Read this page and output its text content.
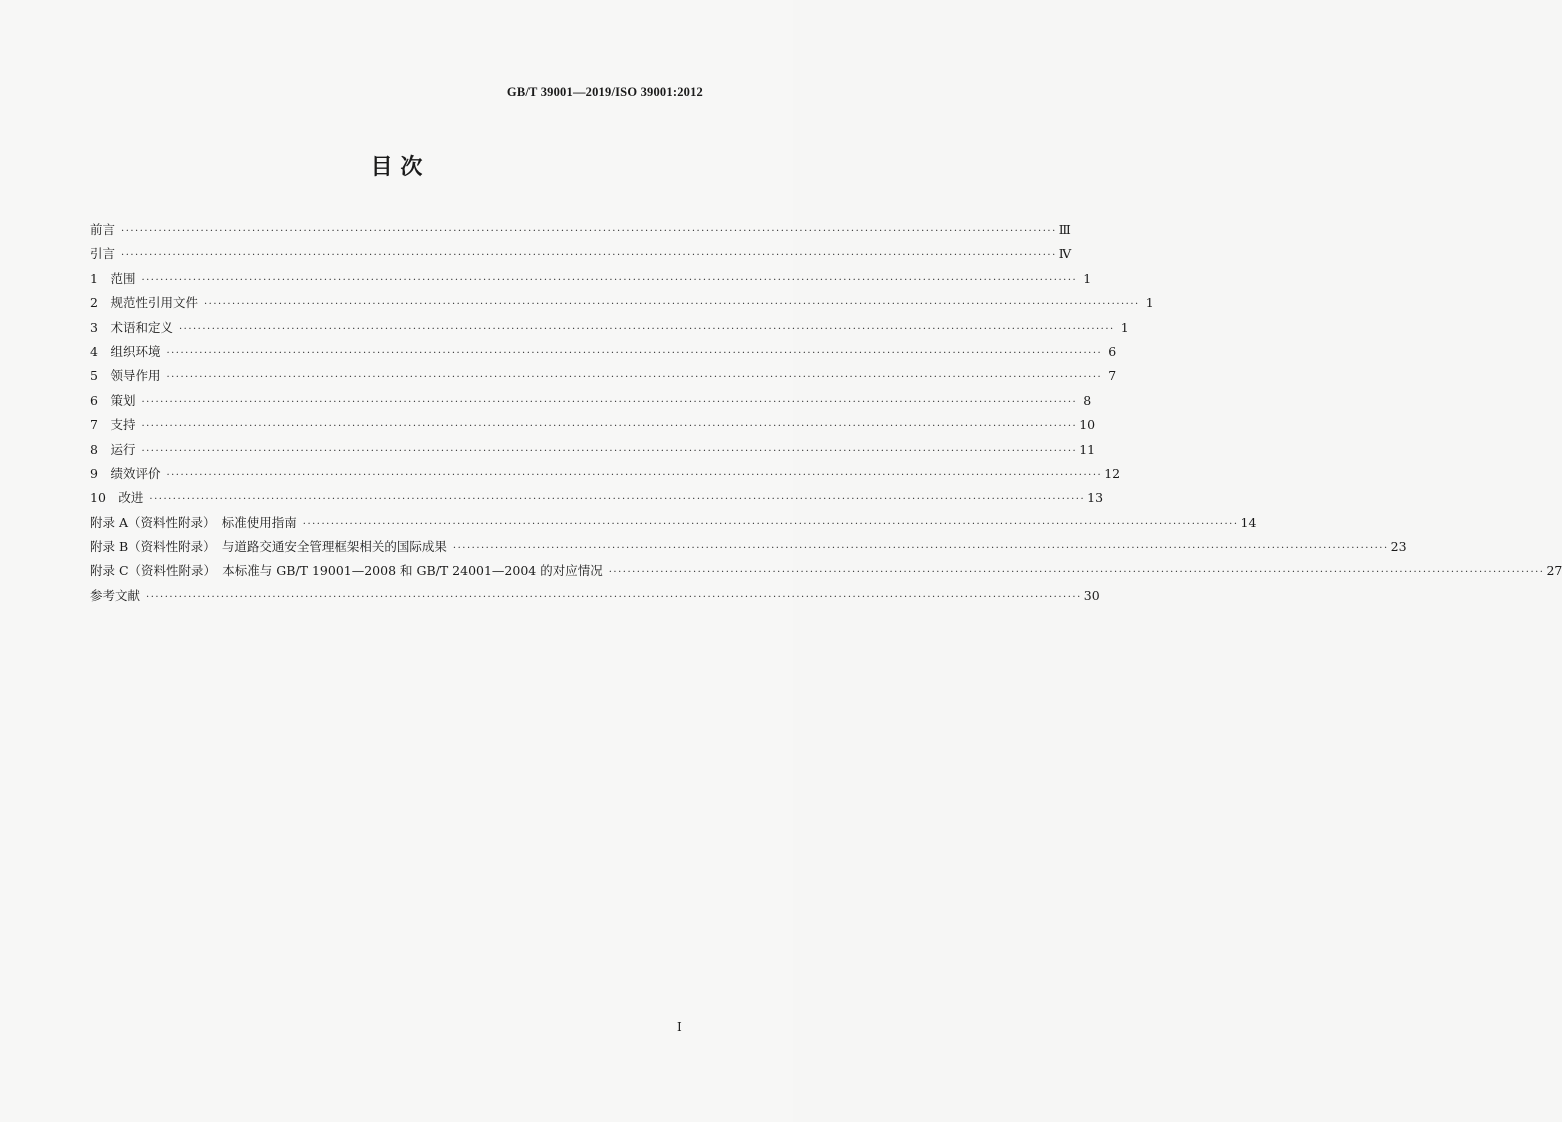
GB/T 39001—2019/ISO 39001:2012
目 次
前言 ········································································································································································································ Ⅲ
引言 ········································································································································································································ Ⅳ
1　范围 ········································································································································································································ 1
2　规范性引用文件 ········································································································································································································ 1
3　术语和定义 ········································································································································································································ 1
4　组织环境 ········································································································································································································ 6
5　领导作用 ········································································································································································································ 7
6　策划 ········································································································································································································ 8
7　支持 ········································································································································································································ 10
8　运行 ········································································································································································································ 11
9　绩效评价 ········································································································································································································ 12
10　改进 ········································································································································································································ 13
附录 A（资料性附录）　标准使用指南 ········································································································································································································ 14
附录 B（资料性附录）　与道路交通安全管理框架相关的国际成果 ········································································································································································································ 23
附录 C（资料性附录）　本标准与 GB/T 19001—2008 和 GB/T 24001—2004 的对应情况 ········································································································································································································ 27
参考文献 ········································································································································································································ 30
I
